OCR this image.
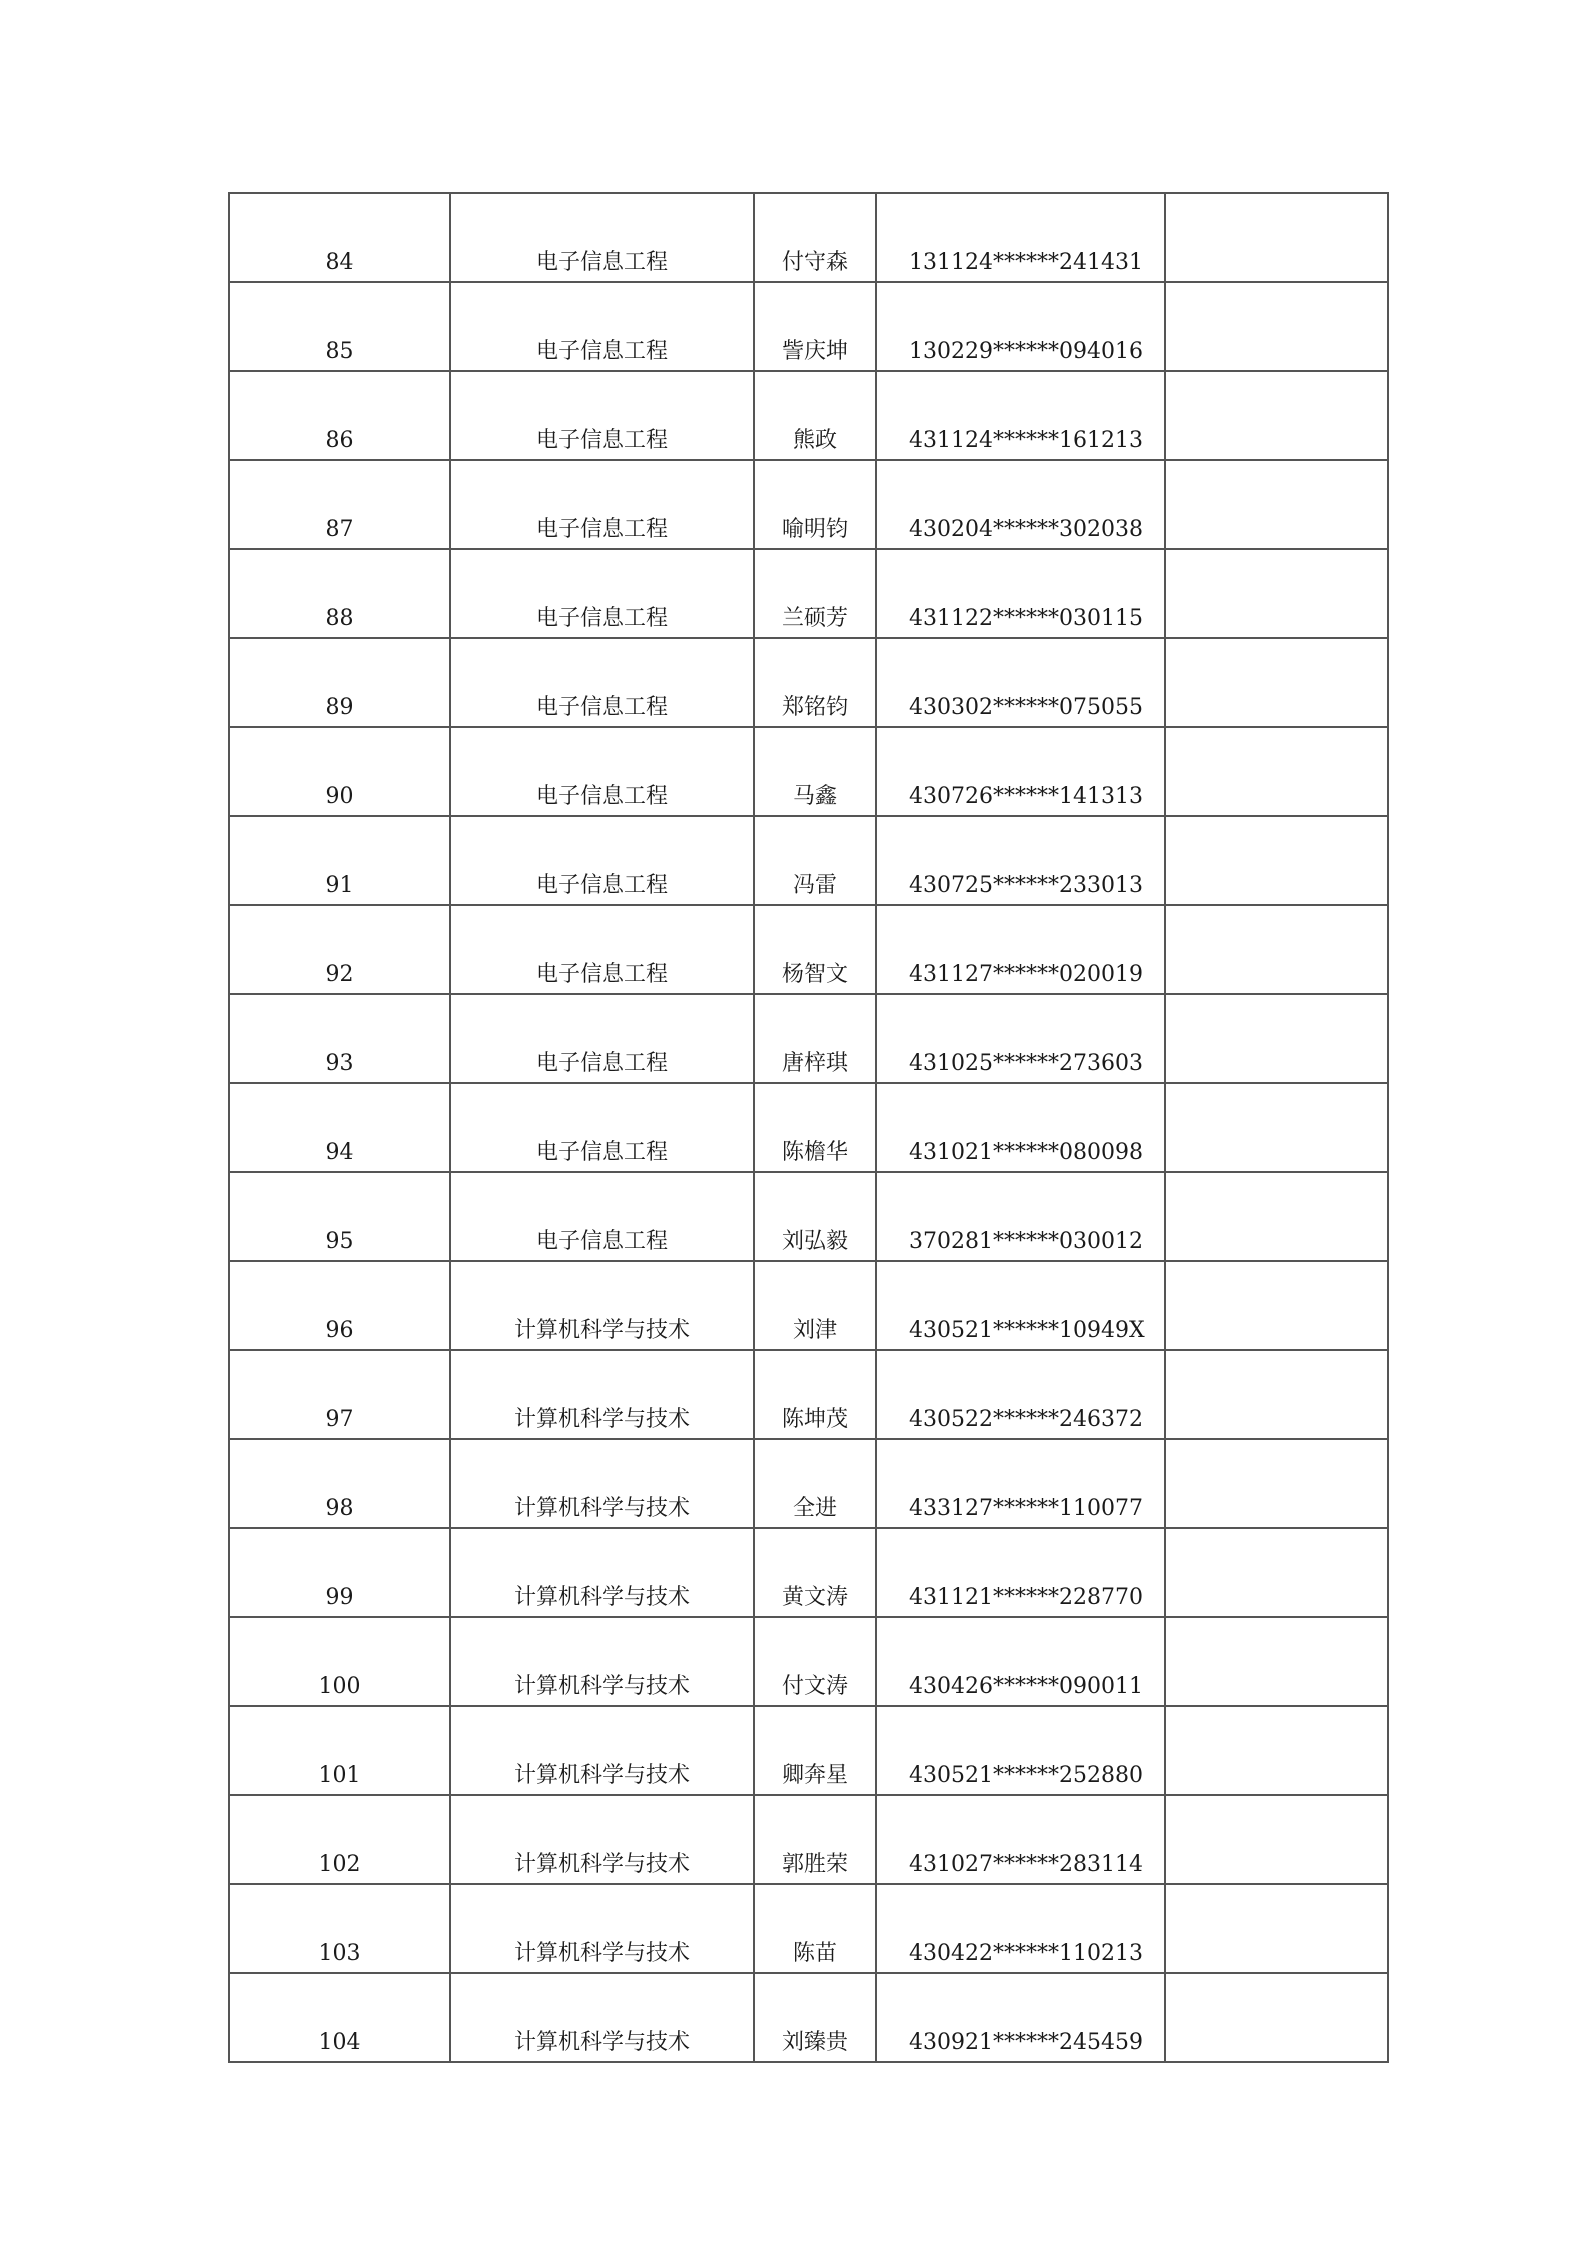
84	电子信息工程	付守森	131124******241431	
85	电子信息工程	訾庆坤	130229******094016	
86	电子信息工程	熊政	431124******161213	
87	电子信息工程	喻明钧	430204******302038	
88	电子信息工程	兰硕芳	431122******030115	
89	电子信息工程	郑铭钧	430302******075055	
90	电子信息工程	马鑫	430726******141313	
91	电子信息工程	冯雷	430725******233013	
92	电子信息工程	杨智文	431127******020019	
93	电子信息工程	唐梓琪	431025******273603	
94	电子信息工程	陈檐华	431021******080098	
95	电子信息工程	刘弘毅	370281******030012	
96	计算机科学与技术	刘津	430521******10949X	
97	计算机科学与技术	陈坤茂	430522******246372	
98	计算机科学与技术	全进	433127******110077	
99	计算机科学与技术	黄文涛	431121******228770	
100	计算机科学与技术	付文涛	430426******090011	
101	计算机科学与技术	卿奔星	430521******252880	
102	计算机科学与技术	郭胜荣	431027******283114	
103	计算机科学与技术	陈苗	430422******110213	
104	计算机科学与技术	刘臻贵	430921******245459	
